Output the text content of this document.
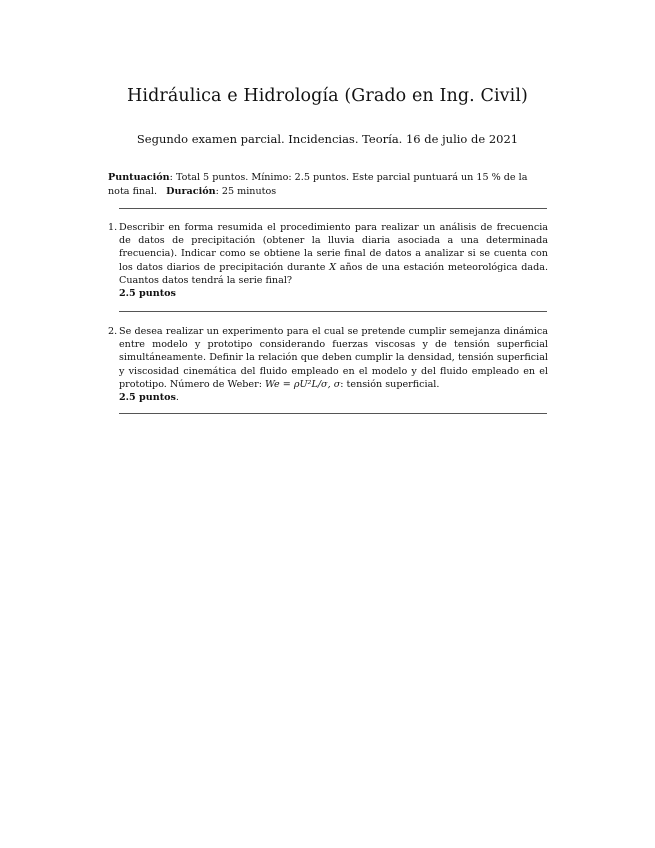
Hidráulica e Hidrología (Grado en Ing. Civil)
Segundo examen parcial. Incidencias. Teoría. 16 de julio de 2021
Puntuación: Total 5 puntos. Mínimo: 2.5 puntos. Este parcial puntuará un 15 % de la nota final. Duración: 25 minutos
1. Describir en forma resumida el procedimiento para realizar un análisis de frecuencia de datos de precipitación (obtener la lluvia diaria asociada a una determinada frecuencia). Indicar como se obtiene la serie final de datos a analizar si se cuenta con los datos diarios de precipitación durante X años de una estación meteorológica dada. Cuantos datos tendrá la serie final?
2.5 puntos
2. Se desea realizar un experimento para el cual se pretende cumplir semejanza dinámica entre modelo y prototipo considerando fuerzas viscosas y de tensión superficial simultáneamente. Definir la relación que deben cumplir la densidad, tensión superficial y viscosidad cinemática del fluido empleado en el modelo y del fluido empleado en el prototipo. Número de Weber: We = ρU²L/σ, σ: tensión superficial.
2.5 puntos.
